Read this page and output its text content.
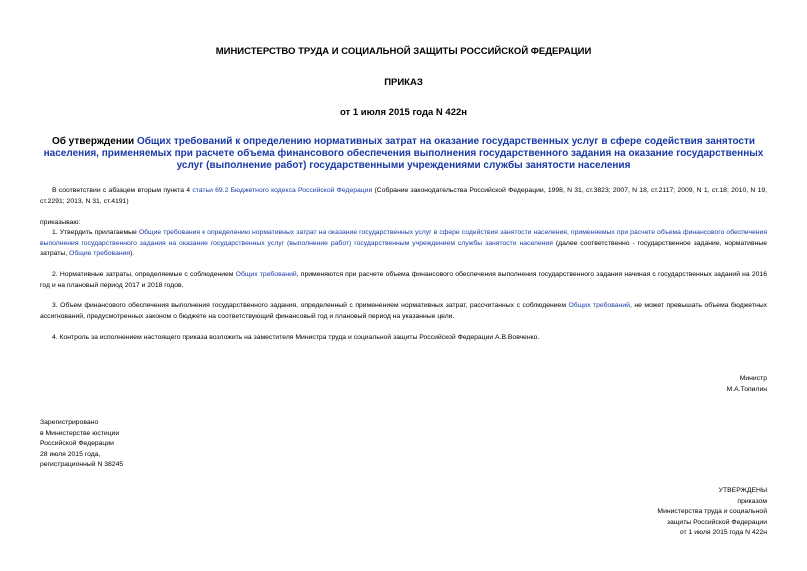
МИНИСТЕРСТВО ТРУДА И СОЦИАЛЬНОЙ ЗАЩИТЫ РОССИЙСКОЙ ФЕДЕРАЦИИ
ПРИКАЗ
от 1 июля 2015 года N 422н
Об утверждении Общих требований к определению нормативных затрат на оказание государственных услуг в сфере содействия занятости населения, применяемых при расчете объема финансового обеспечения выполнения государственного задания на оказание государственных услуг (выполнение работ) государственными учреждениями службы занятости населения
В соответствии с абзацем вторым пункта 4 статьи 69.2 Бюджетного кодекса Российской Федерации (Собрание законодательства Российской Федерации, 1998, N 31, ст.3823; 2007, N 18, ст.2117; 2009, N 1, ст.18; 2010, N 19, ст.2291; 2013, N 31, ст.4191)
приказываю:
1. Утвердить прилагаемые Общие требования к определению нормативных затрат на оказание государственных услуг в сфере содействия занятости населения, применяемых при расчете объема финансового обеспечения выполнения государственного задания на оказание государственных услуг (выполнение работ) государственным учреждением службы занятости населения (далее соответственно - государственное задание, нормативные затраты, Общие требования).
2. Нормативные затраты, определяемые с соблюдением Общих требований, применяются при расчете объема финансового обеспечения выполнения государственного задания начиная с государственных заданий на 2016 год и на плановый период 2017 и 2018 годов.
3. Объем финансового обеспечения выполнения государственного задания, определенный с применением нормативных затрат, рассчитанных с соблюдением Общих требований, не может превышать объема бюджетных ассигнований, предусмотренных законом о бюджете на соответствующий финансовый год и плановый период на указанные цели.
4. Контроль за исполнением настоящего приказа возложить на заместителя Министра труда и социальной защиты Российской Федерации А.В.Вовченко.
Министр
М.А.Топилин
Зарегистрировано
в Министерстве юстиции
Российской Федерации
28 июля 2015 года,
регистрационный N 38245
УТВЕРЖДЕНЫ
приказом
Министерства труда и социальной
защиты Российской Федерации
от 1 июля 2015 года N 422н
